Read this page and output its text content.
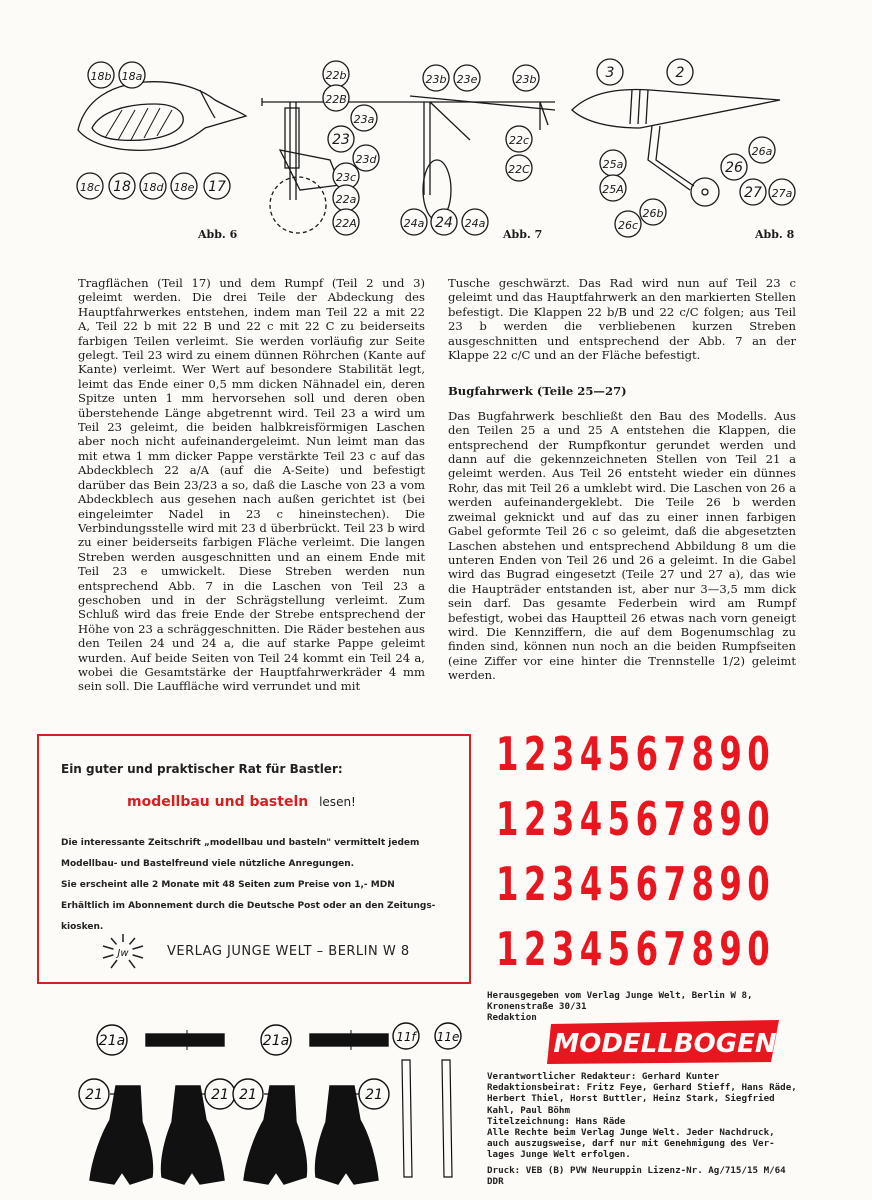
18b 18a
18c 18 18d 18e 17
22b
22B
23a
23
23d
23c
22a
22A
23b 23e	23b
22c
22C
24a 24 24a
3	2
26a
25a
25A
26
27 27a
26b
26c
Abb. 6	Abb. 7	Abb. 8

Tragflächen (Teil 17) und dem Rumpf (Teil 2 und 3) geleimt werden. Die drei Teile der Abdeckung des Hauptfahrwerkes entstehen, indem man Teil 22 a mit 22 A, Teil 22 b mit 22 B und 22 c mit 22 C zu beiderseits farbigen Teilen verleimt. Sie werden vorläufig zur Seite gelegt. Teil 23 wird zu einem dünnen Röhrchen (Kante auf Kante) verleimt. Wer Wert auf besondere Stabilität legt, leimt das Ende einer 0,5 mm dicken Nähnadel ein, deren Spitze unten 1 mm hervorsehen soll und deren oben überstehende Länge abgetrennt wird. Teil 23 a wird um Teil 23 geleimt, die beiden halbkreisförmigen Laschen aber noch nicht aufeinandergeleimt. Nun leimt man das mit etwa 1 mm dicker Pappe verstärkte Teil 23 c auf das Abdeckblech 22 a/A (auf die A-Seite) und befestigt darüber das Bein 23/23 a so, daß die Lasche von 23 a vom Abdeckblech aus gesehen nach außen gerichtet ist (bei eingeleimter Nadel in 23 c hineinstechen). Die Verbindungsstelle wird mit 23 d überbrückt. Teil 23 b wird zu einer beiderseits farbigen Fläche verleimt. Die langen Streben werden ausgeschnitten und an einem Ende mit Teil 23 e umwickelt. Diese Streben werden nun entsprechend Abb. 7 in die Laschen von Teil 23 a geschoben und in der Schrägstellung verleimt. Zum Schluß wird das freie Ende der Strebe entsprechend der Höhe von 23 a schräggeschnitten. Die Räder bestehen aus den Teilen 24 und 24 a, die auf starke Pappe geleimt wurden. Auf beide Seiten von Teil 24 kommt ein Teil 24 a, wobei die Gesamtstärke der Hauptfahrwerkräder 4 mm sein soll. Die Lauffläche wird verrundet und mit

Tusche geschwärzt. Das Rad wird nun auf Teil 23 c geleimt und das Hauptfahrwerk an den markierten Stellen befestigt. Die Klappen 22 b/B und 22 c/C folgen; aus Teil 23 b werden die verbliebenen kurzen Streben ausgeschnitten und entsprechend der Abb. 7 an der Klappe 22 c/C und an der Fläche befestigt.

Bugfahrwerk (Teile 25—27)

Das Bugfahrwerk beschließt den Bau des Modells. Aus den Teilen 25 a und 25 A entstehen die Klappen, die entsprechend der Rumpfkontur gerundet werden und dann auf die gekennzeichneten Stellen von Teil 21 a geleimt werden. Aus Teil 26 entsteht wieder ein dünnes Rohr, das mit Teil 26 a umklebt wird. Die Laschen von 26 a werden aufeinandergeklebt. Die Teile 26 b werden zweimal geknickt und auf das zu einer innen farbigen Gabel geformte Teil 26 c so geleimt, daß die abgesetzten Laschen abstehen und entsprechend Abbildung 8 um die unteren Enden von Teil 26 und 26 a geleimt. In die Gabel wird das Bugrad eingesetzt (Teile 27 und 27 a), das wie die Haupträder entstanden ist, aber nur 3—3,5 mm dick sein darf. Das gesamte Federbein wird am Rumpf befestigt, wobei das Hauptteil 26 etwas nach vorn geneigt wird. Die Kennziffern, die auf dem Bogenumschlag zu finden sind, können nun noch an die beiden Rumpfseiten (eine Ziffer vor eine hinter die Trennstelle 1/2) geleimt werden.

Ein guter und praktischer Rat für Bastler:
modellbau und basteln lesen!
Die interessante Zeitschrift „modellbau und basteln" vermittelt jedem
Modellbau- und Bastelfreund viele nützliche Anregungen.
Sie erscheint alle 2 Monate mit 48 Seiten zum Preise von 1,- MDN
Erhältlich im Abonnement durch die Deutsche Post oder an den Zeitungs-
kiosken.
Jw	VERLAG JUNGE WELT – BERLIN W 8
1234567890
1234567890
1234567890
1234567890
21a	21a	11f 11e
21	21 21	21
Herausgegeben vom Verlag Junge Welt, Berlin W 8,
Kronenstraße 30/31
Redaktion
MODELLBOGEN
Verantwortlicher Redakteur: Gerhard Kunter
Redaktionsbeirat: Fritz Feye, Gerhard Stieff, Hans Räde,
Herbert Thiel, Horst Buttler, Heinz Stark, Siegfried
Kahl, Paul Böhm
Titelzeichnung: Hans Räde
Alle Rechte beim Verlag Junge Welt. Jeder Nachdruck,
auch auszugsweise, darf nur mit Genehmigung des Ver-
lages Junge Welt erfolgen.
Druck: VEB (B) PVW Neuruppin Lizenz-Nr. Ag/715/15 M/64 DDR
